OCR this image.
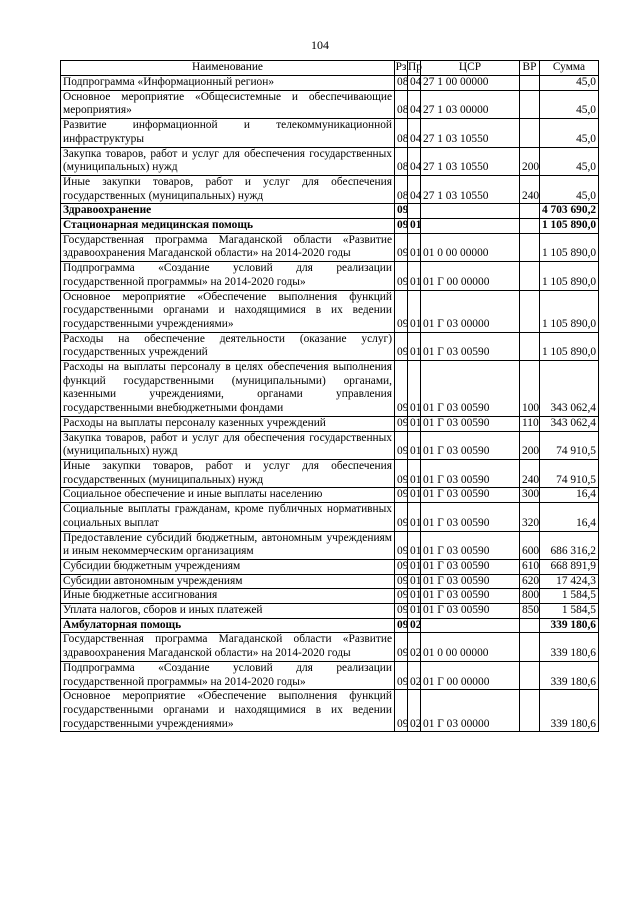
104
Наименование	Рз	Пр	ЦСР	ВР	Сумма
Подпрограмма «Информационный регион»	08	04	27 1 00 00000		45,0
Основное мероприятие «Общесистемные и обеспечивающие мероприятия»	08	04	27 1 03 00000		45,0
Развитие информационной и телекоммуникационной инфраструктуры	08	04	27 1 03 10550		45,0
Закупка товаров, работ и услуг для обеспечения государственных (муниципальных) нужд	08	04	27 1 03 10550	200	45,0
Иные закупки товаров, работ и услуг для обеспечения государственных (муниципальных) нужд	08	04	27 1 03 10550	240	45,0
Здравоохранение	09				4 703 690,2
Стационарная медицинская помощь	09	01			1 105 890,0
Государственная программа Магаданской области «Развитие здравоохранения Магаданской области» на 2014-2020 годы	09	01	01 0 00 00000		1 105 890,0
Подпрограмма «Создание условий для реализации государственной программы» на 2014-2020 годы»	09	01	01 Г 00 00000		1 105 890,0
Основное мероприятие «Обеспечение выполнения функций государственными органами и находящимися в их ведении государственными учреждениями»	09	01	01 Г 03 00000		1 105 890,0
Расходы на обеспечение деятельности (оказание услуг) государственных учреждений	09	01	01 Г 03 00590		1 105 890,0
Расходы на выплаты персоналу в целях обеспечения выполнения функций государственными (муниципальными) органами, казенными учреждениями, органами управления государственными внебюджетными фондами	09	01	01 Г 03 00590	100	343 062,4
Расходы на выплаты персоналу казенных учреждений	09	01	01 Г 03 00590	110	343 062,4
Закупка товаров, работ и услуг для обеспечения государственных (муниципальных) нужд	09	01	01 Г 03 00590	200	74 910,5
Иные закупки товаров, работ и услуг для обеспечения государственных (муниципальных) нужд	09	01	01 Г 03 00590	240	74 910,5
Социальное обеспечение и иные выплаты населению	09	01	01 Г 03 00590	300	16,4
Социальные выплаты гражданам, кроме публичных нормативных социальных выплат	09	01	01 Г 03 00590	320	16,4
Предоставление субсидий бюджетным, автономным учреждениям и иным некоммерческим организациям	09	01	01 Г 03 00590	600	686 316,2
Субсидии бюджетным учреждениям	09	01	01 Г 03 00590	610	668 891,9
Субсидии автономным учреждениям	09	01	01 Г 03 00590	620	17 424,3
Иные бюджетные ассигнования	09	01	01 Г 03 00590	800	1 584,5
Уплата налогов, сборов и иных платежей	09	01	01 Г 03 00590	850	1 584,5
Амбулаторная помощь	09	02			339 180,6
Государственная программа Магаданской области «Развитие здравоохранения Магаданской области» на 2014-2020 годы	09	02	01 0 00 00000		339 180,6
Подпрограмма «Создание условий для реализации государственной программы» на 2014-2020 годы»	09	02	01 Г 00 00000		339 180,6
Основное мероприятие «Обеспечение выполнения функций государственными органами и находящимися в их ведении государственными учреждениями»	09	02	01 Г 03 00000		339 180,6
